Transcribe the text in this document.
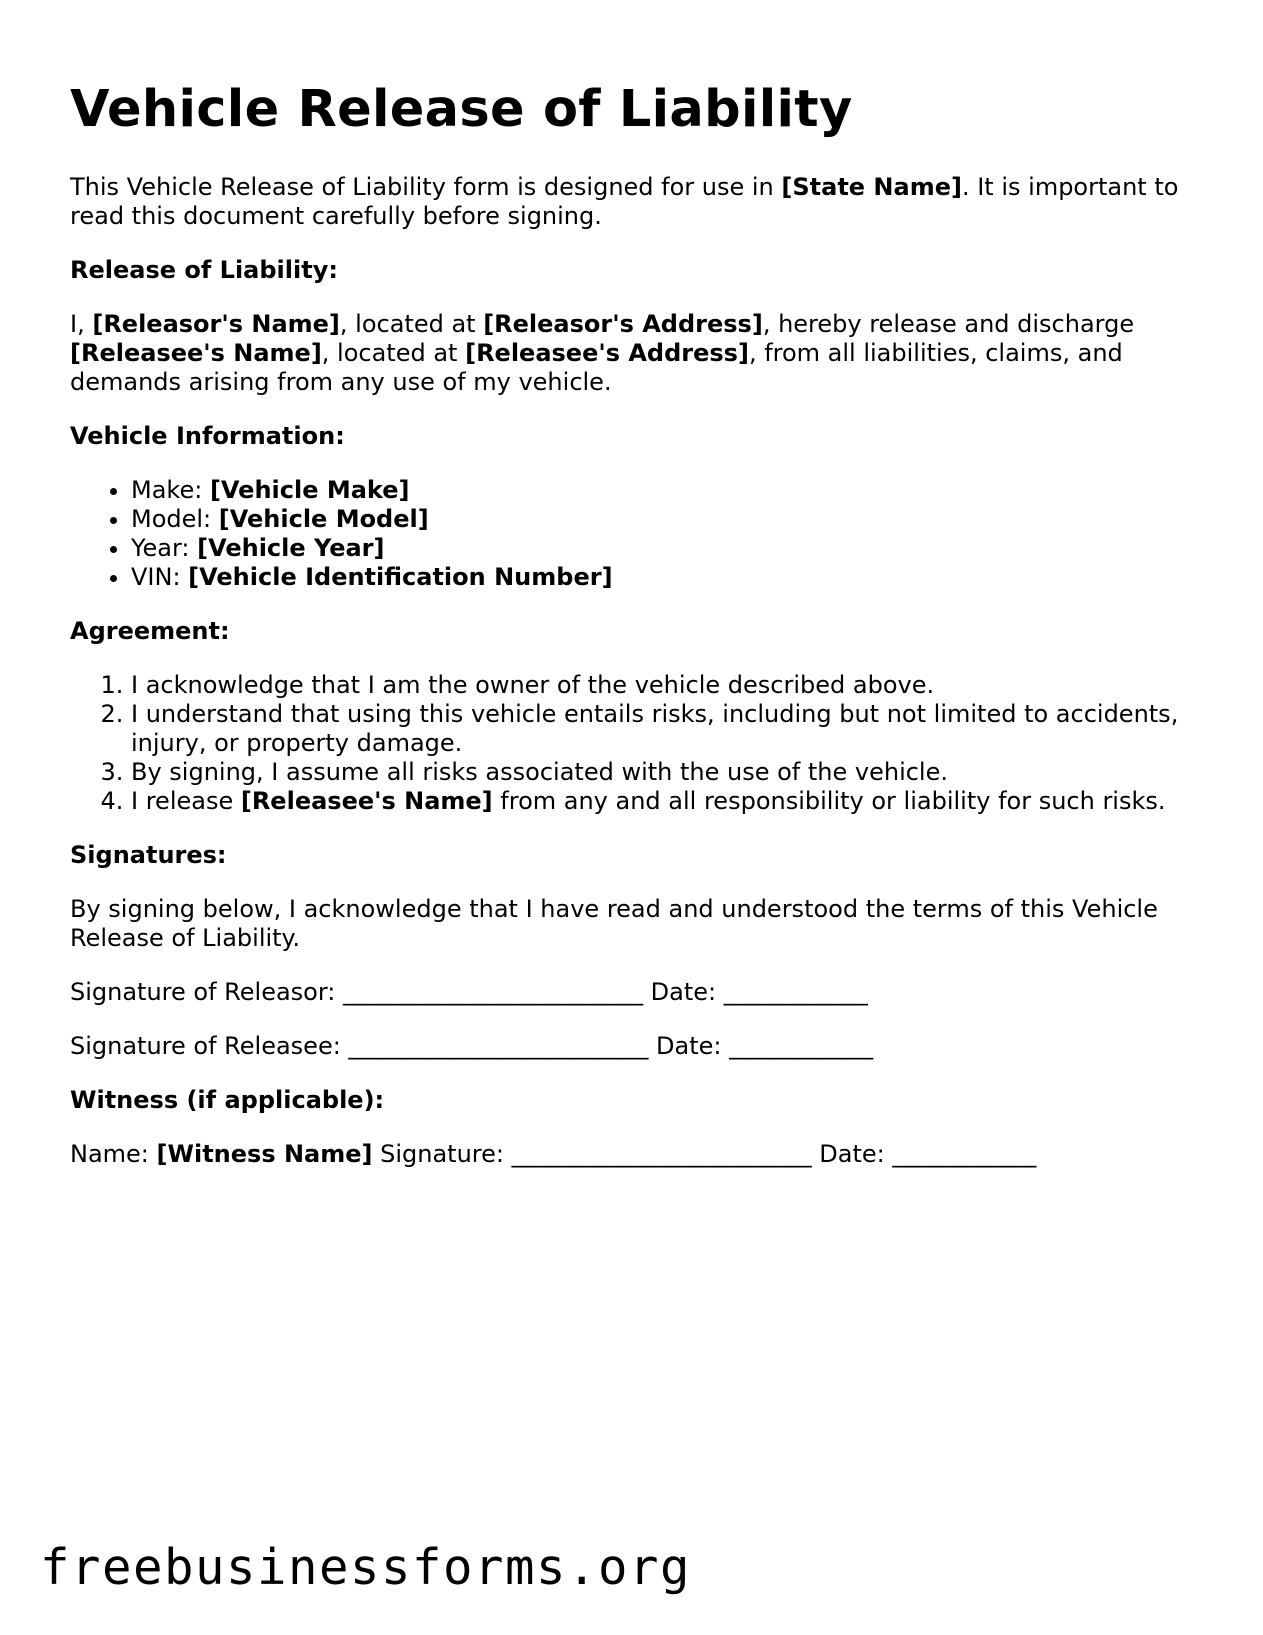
Vehicle Release of Liability

This Vehicle Release of Liability form is designed for use in [State Name]. It is important to read this document carefully before signing.

Release of Liability:

I, [Releasor's Name], located at [Releasor's Address], hereby release and discharge [Releasee's Name], located at [Releasee's Address], from all liabilities, claims, and demands arising from any use of my vehicle.

Vehicle Information:
• Make: [Vehicle Make]
• Model: [Vehicle Model]
• Year: [Vehicle Year]
• VIN: [Vehicle Identification Number]
Agreement:
1. I acknowledge that I am the owner of the vehicle described above.
2. I understand that using this vehicle entails risks, including but not limited to accidents, injury, or property damage.
3. By signing, I assume all risks associated with the use of the vehicle.
4. I release [Releasee's Name] from any and all responsibility or liability for such risks.
Signatures:

By signing below, I acknowledge that I have read and understood the terms of this Vehicle Release of Liability.

Signature of Releasor: _________________________ Date: ____________
Signature of Releasee: _________________________ Date: ____________
Witness (if applicable):
Name: [Witness Name] Signature: _________________________ Date: ____________
freebusinessforms.org
